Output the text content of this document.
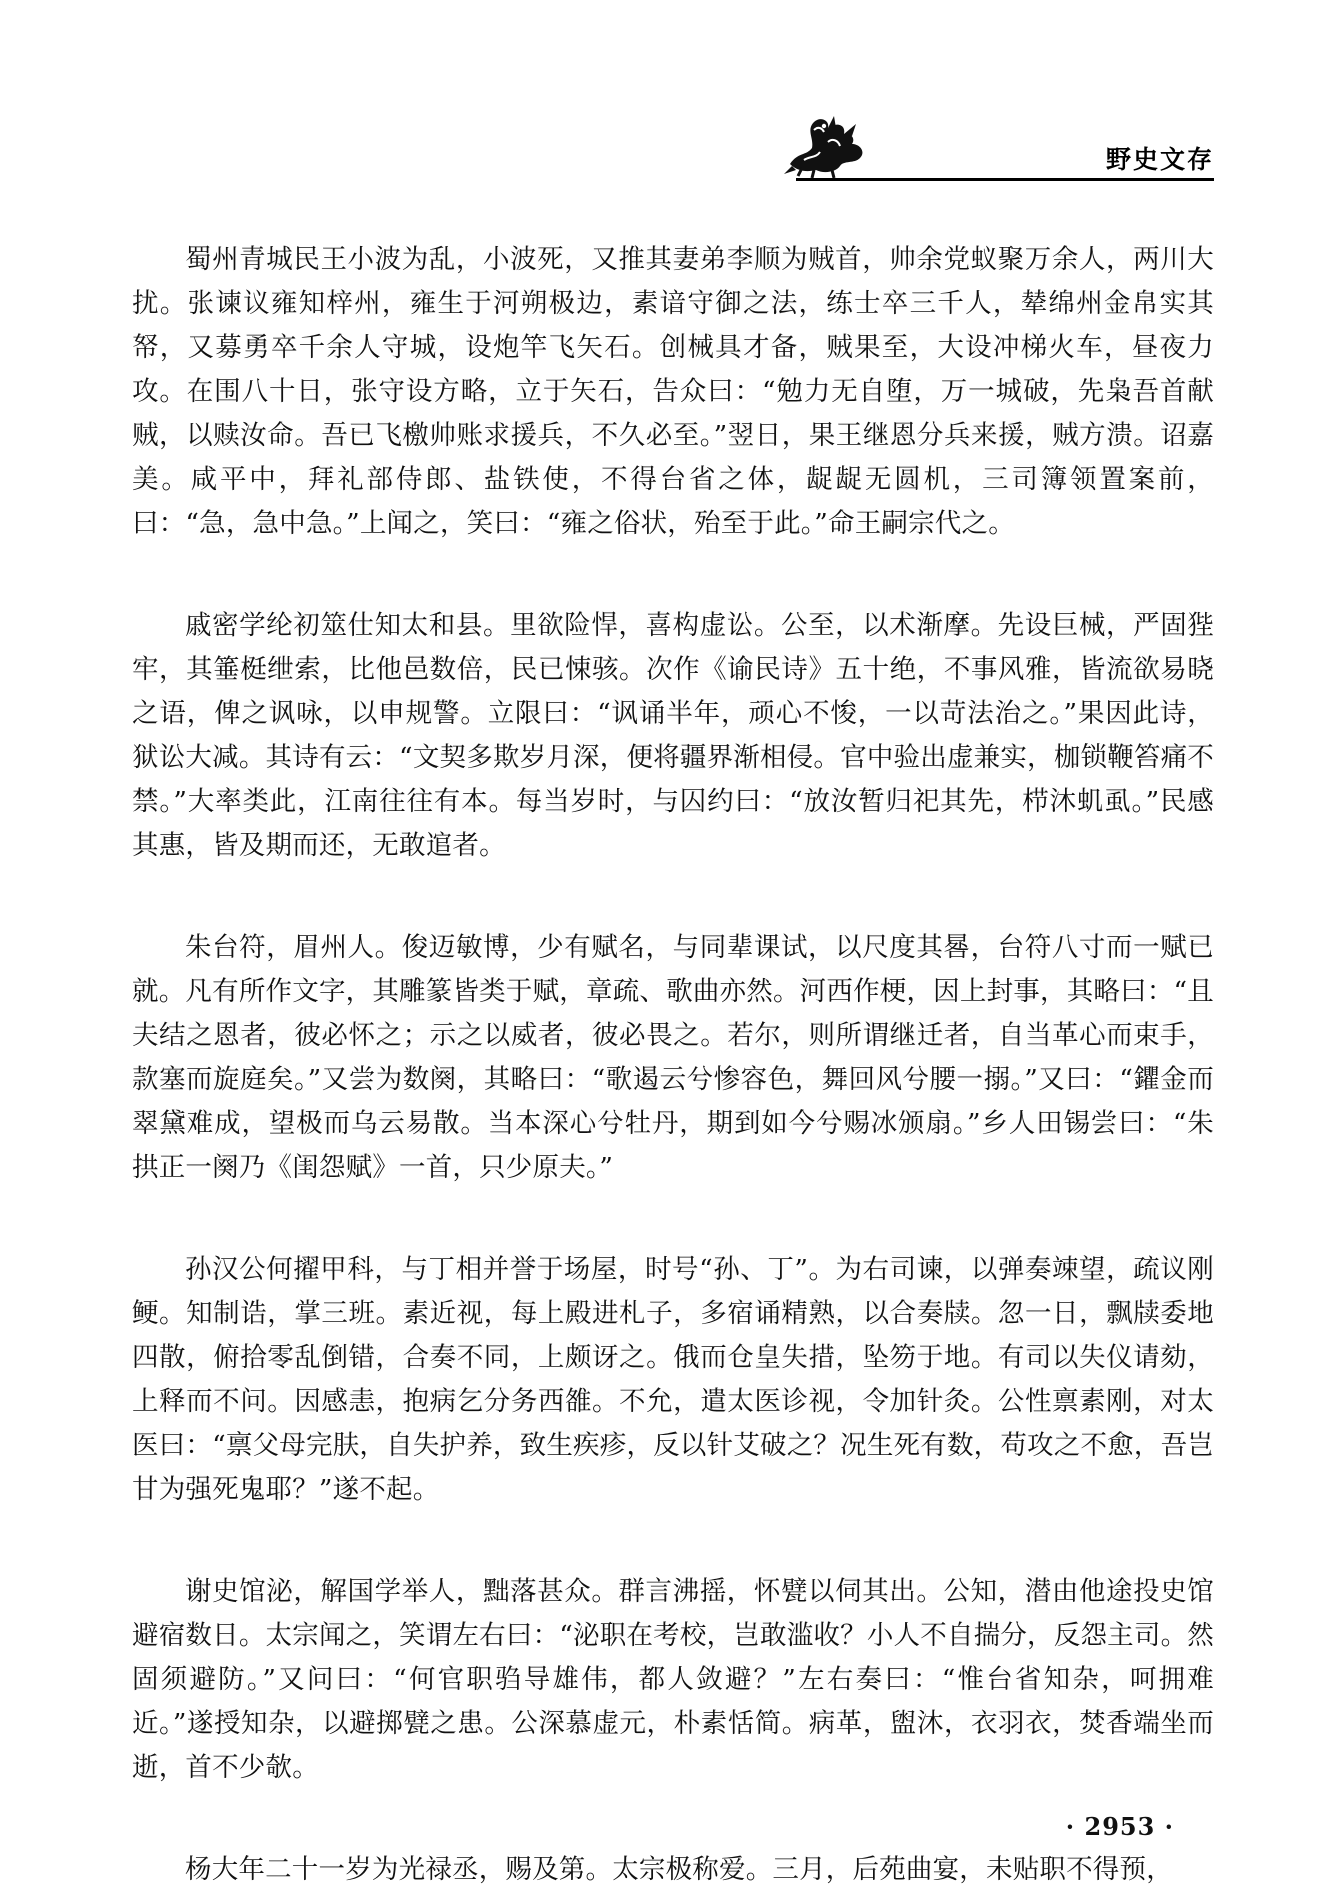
野史文存

蜀州青城民王小波为乱，小波死，又推其妻弟李顺为贼首，帅余党蚁聚万余人，两川大扰。张谏议雍知梓州，雍生于河朔极边，素谙守御之法，练士卒三千人，辇绵州金帛实其帑，又募勇卒千余人守城，设炮竿飞矢石。创械具才备，贼果至，大设冲梯火车，昼夜力攻。在围八十日，张守设方略，立于矢石，告众曰：“勉力无自堕，万一城破，先枭吾首献贼，以赎汝命。吾已飞檄帅账求援兵，不久必至。”翌日，果王继恩分兵来援，贼方溃。诏嘉美。咸平中，拜礼部侍郎、盐铁使，不得台省之体，龊龊无圆机，三司簿领置案前，曰：“急，急中急。”上闻之，笑曰：“雍之俗状，殆至于此。”命王嗣宗代之。

戚密学纶初筮仕知太和县。里欲险悍，喜构虚讼。公至，以术渐摩。先设巨械，严固狴牢，其箠梃绁索，比他邑数倍，民已悚骇。次作《谕民诗》五十绝，不事风雅，皆流欲易晓之语，俾之讽咏，以申规警。立限曰：“讽诵半年，顽心不悛，一以苛法治之。”果因此诗，狱讼大减。其诗有云：“文契多欺岁月深，便将疆界渐相侵。官中验出虚兼实，枷锁鞭笞痛不禁。”大率类此，江南往往有本。每当岁时，与囚约曰：“放汝暂归祀其先，栉沐虮虱。”民感其惠，皆及期而还，无敢逭者。

朱台符，眉州人。俊迈敏博，少有赋名，与同辈课试，以尺度其晷，台符八寸而一赋已就。凡有所作文字，其雕篆皆类于赋，章疏、歌曲亦然。河西作梗，因上封事，其略曰：“且夫结之恩者，彼必怀之；示之以威者，彼必畏之。若尔，则所谓继迁者，自当革心而束手，款塞而旋庭矣。”又尝为数阕，其略曰：“歌遏云兮惨容色，舞回风兮腰一搦。”又曰：“鑺金而翠黛难成，望极而乌云易散。当本深心兮牡丹，期到如今兮赐冰颁扇。”乡人田锡尝曰：“朱拱正一阕乃《闺怨赋》一首，只少原夫。”

孙汉公何擢甲科，与丁相并誉于场屋，时号“孙、丁”。为右司谏，以弹奏竦望，疏议刚鲠。知制诰，掌三班。素近视，每上殿进札子，多宿诵精熟，以合奏牍。忽一日，飘牍委地四散，俯拾零乱倒错，合奏不同，上颇讶之。俄而仓皇失措，坠笏于地。有司以失仪请劾，上释而不问。因感恚，抱病乞分务西雒。不允，遣太医诊视，令加针灸。公性禀素刚，对太医曰：“禀父母完肤，自失护养，致生疾疹，反以针艾破之？况生死有数，苟攻之不愈，吾岂甘为强死鬼耶？”遂不起。

谢史馆泌，解国学举人，黜落甚众。群言沸摇，怀甓以伺其出。公知，潜由他途投史馆避宿数日。太宗闻之，笑谓左右曰：“泌职在考校，岂敢滥收？小人不自揣分，反怨主司。然固须避防。”又问曰：“何官职驺导雄伟，都人敛避？”左右奏曰：“惟台省知杂，呵拥难近。”遂授知杂，以避掷甓之患。公深慕虚元，朴素恬简。病革，盥沐，衣羽衣，焚香端坐而逝，首不少欹。

杨大年二十一岁为光禄丞，赐及第。太宗极称爱。三月，后苑曲宴，未贴职不得预，

· 2953 ·
